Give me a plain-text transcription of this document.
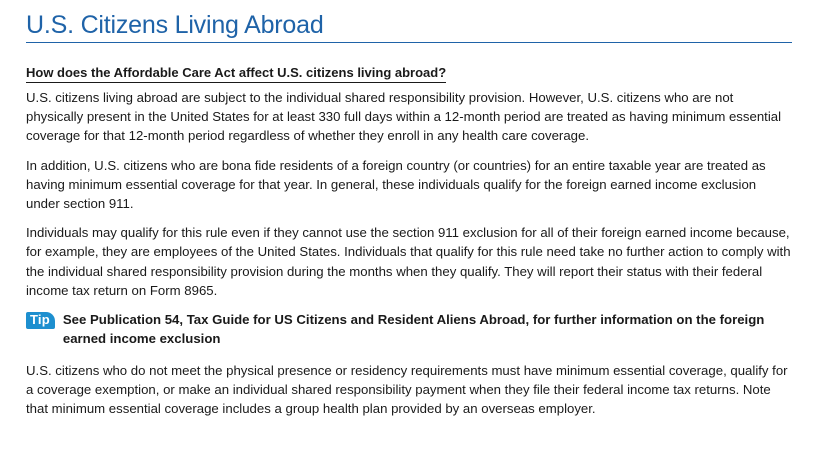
U.S. Citizens Living Abroad
How does the Affordable Care Act affect U.S. citizens living abroad?

U.S. citizens living abroad are subject to the individual shared responsibility provision. However, U.S. citizens who are not physically present in the United States for at least 330 full days within a 12-month period are treated as having minimum essential coverage for that 12-month period regardless of whether they enroll in any health care coverage.

In addition, U.S. citizens who are bona fide residents of a foreign country (or countries) for an entire taxable year are treated as having minimum essential coverage for that year. In general, these individuals qualify for the foreign earned income exclusion under section 911.

Individuals may qualify for this rule even if they cannot use the section 911 exclusion for all of their foreign earned income because, for example, they are employees of the United States. Individuals that qualify for this rule need take no further action to comply with the individual shared responsibility provision during the months when they qualify. They will report their status with their federal income tax return on Form 8965.

Tip See Publication 54, Tax Guide for US Citizens and Resident Aliens Abroad, for further information on the foreign earned income exclusion

U.S. citizens who do not meet the physical presence or residency requirements must have minimum essential coverage, qualify for a coverage exemption, or make an individual shared responsibility payment when they file their federal income tax returns. Note that minimum essential coverage includes a group health plan provided by an overseas employer.
